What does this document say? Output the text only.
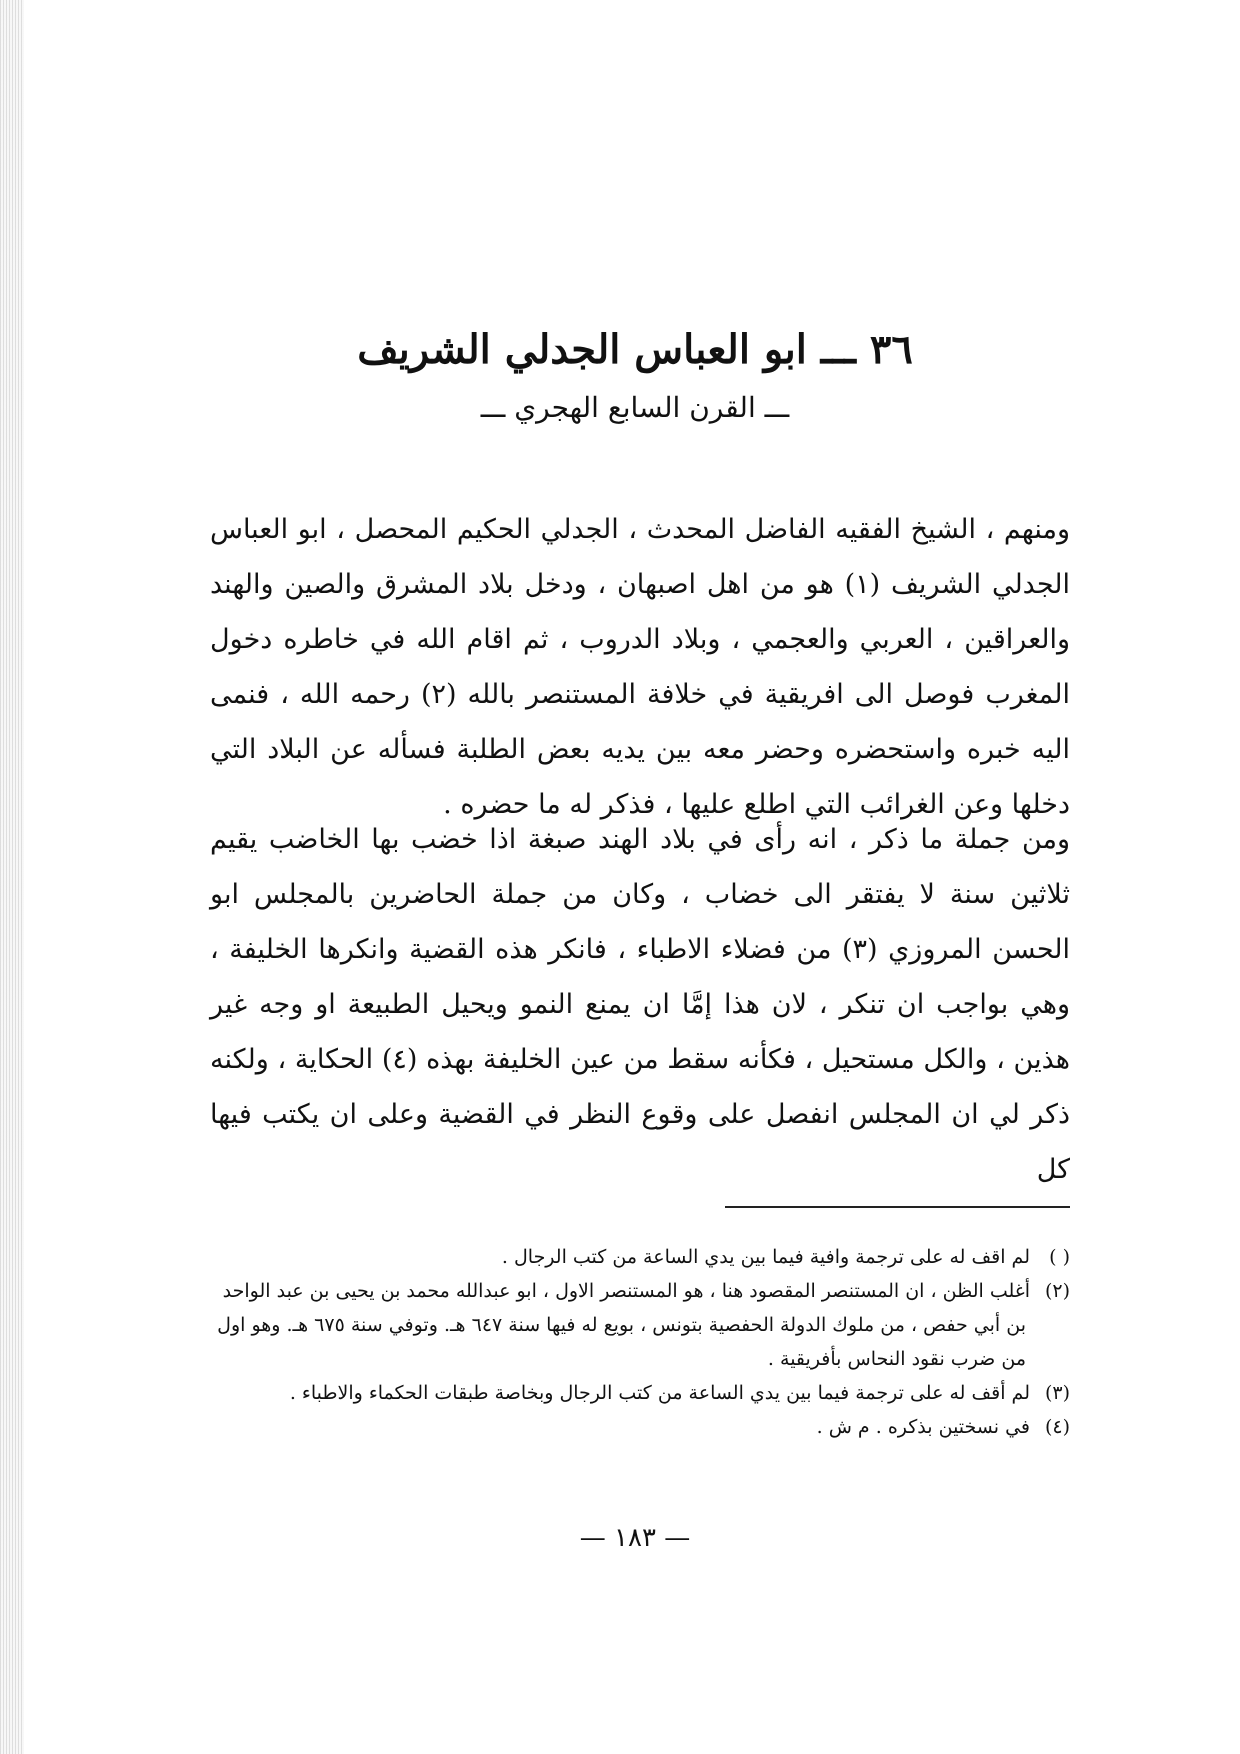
٣٦ ـــ ابو العباس الجدلي الشريف
ـــ القرن السابع الهجري ـــ

ومنهم ، الشيخ الفقيه الفاضل المحدث ، الجدلي الحكيم المحصل ، ابو العباس الجدلي الشريف (١) هو من اهل اصبهان ، ودخل بلاد المشرق والصين والهند والعراقين ، العربي والعجمي ، وبلاد الدروب ، ثم اقام الله في خاطره دخول المغرب فوصل الى افريقية في خلافة المستنصر بالله (٢) رحمه الله ، فنمى اليه خبره واستحضره وحضر معه بين يديه بعض الطلبة فسأله عن البلاد التي دخلها وعن الغرائب التي اطلع عليها ، فذكر له ما حضره .

ومن جملة ما ذكر ، انه رأى في بلاد الهند صبغة اذا خضب بها الخاضب يقيم ثلاثين سنة لا يفتقر الى خضاب ، وكان من جملة الحاضرين بالمجلس ابو الحسن المروزي (٣) من فضلاء الاطباء ، فانكر هذه القضية وانكرها الخليفة ، وهي بواجب ان تنكر ، لان هذا إمَّا ان يمنع النمو ويحيل الطبيعة او وجه غير هذين ، والكل مستحيل ، فكأنه سقط من عين الخليفة بهذه (٤) الحكاية ، ولكنه ذكر لي ان المجلس انفصل على وقوع النظر في القضية وعلى ان يكتب فيها كل

( )لم اقف له على ترجمة وافية فيما بين يدي الساعة من كتب الرجال .
(٢)أغلب الظن ، ان المستنصر المقصود هنا ، هو المستنصر الاول ، ابو عبدالله محمد بن يحيى بن عبد الواحد بن أبي حفص ، من ملوك الدولة الحفصية بتونس ، بويع له فيها سنة ٦٤٧ هـ. وتوفي سنة ٦٧٥ هـ. وهو اول من ضرب نقود النحاس بأفريقية .
(٣)لم أقف له على ترجمة فيما بين يدي الساعة من كتب الرجال وبخاصة طبقات الحكماء والاطباء .
(٤)في نسختين بذكره . م ش .
— ١٨٣ —
